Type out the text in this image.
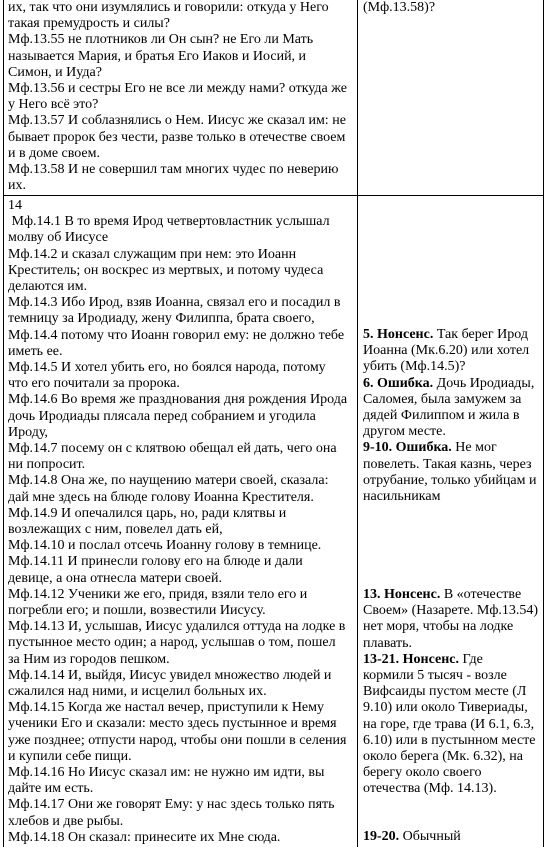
их, так что они изумлялись и говорили: откуда у Него
такая премудрость и силы?
Мф.13.55 не плотников ли Он сын? не Его ли Мать
называется Мария, и братья Его Иаков и Иосий, и
Симон, и Иуда?
Мф.13.56 и сестры Его не все ли между нами? откуда же
у Него всё это?
Мф.13.57 И соблазнялись о Нем. Иисус же сказал им: не
бывает пророк без чести, разве только в отечестве своем
и в доме своем.
Мф.13.58 И не совершил там многих чудес по неверию
их.
(Мф.13.58)?
14
Мф.14.1 В то время Ирод четвертовластник услышал
молву об Иисусе
Мф.14.2 и сказал служащим при нем: это Иоанн
Креститель; он воскрес из мертвых, и потому чудеса
делаются им.
Мф.14.3 Ибо Ирод, взяв Иоанна, связал его и посадил в
темницу за Иродиаду, жену Филиппа, брата своего,
Мф.14.4 потому что Иоанн говорил ему: не должно тебе
иметь ее.
Мф.14.5 И хотел убить его, но боялся народа, потому
что его почитали за пророка.
Мф.14.6 Во время же празднования дня рождения Ирода
дочь Иродиады плясала перед собранием и угодила
Ироду,
Мф.14.7 посему он с клятвою обещал ей дать, чего она
ни попросит.
Мф.14.8 Она же, по наущению матери своей, сказала:
дай мне здесь на блюде голову Иоанна Крестителя.
Мф.14.9 И опечалился царь, но, ради клятвы и
возлежащих с ним, повелел дать ей,
Мф.14.10 и послал отсечь Иоанну голову в темнице.
Мф.14.11 И принесли голову его на блюде и дали
девице, а она отнесла матери своей.
Мф.14.12 Ученики же его, придя, взяли тело его и
погребли его; и пошли, возвестили Иисусу.
Мф.14.13 И, услышав, Иисус удалился оттуда на лодке в
пустынное место один; а народ, услышав о том, пошел
за Ним из городов пешком.
Мф.14.14 И, выйдя, Иисус увидел множество людей и
сжалился над ними, и исцелил больных их.
Мф.14.15 Когда же настал вечер, приступили к Нему
ученики Его и сказали: место здесь пустынное и время
уже позднее; отпусти народ, чтобы они пошли в селения
и купили себе пищи.
Мф.14.16 Но Иисус сказал им: не нужно им идти, вы
дайте им есть.
Мф.14.17 Они же говорят Ему: у нас здесь только пять
хлебов и две рыбы.
Мф.14.18 Он сказал: принесите их Мне сюда.
5. Нонсенс. Так берег Ирод
Иоанна (Мк.6.20) или хотел
убить (Мф.14.5)?
6. Ошибка. Дочь Иродиады,
Саломея, была замужем за
дядей Филиппом и жила в
другом месте.
9-10. Ошибка. Не мог
повелеть. Такая казнь, через
отрубание, только убийцам и
насильникам
13. Нонсенс. В «отечестве
Своем» (Назарете. Мф.13.54)
нет моря, чтобы на лодке
плавать.
13-21. Нонсенс. Где
кормили 5 тысяч - возле
Вифсаиды пустом месте (Л
9.10) или около Тивериады,
на горе, где трава (И 6.1, 6.3,
6.10) или в пустынном месте
около берега (Мк. 6.32), на
берегу около своего
отечества (Мф. 14.13).
19-20. Обычный
